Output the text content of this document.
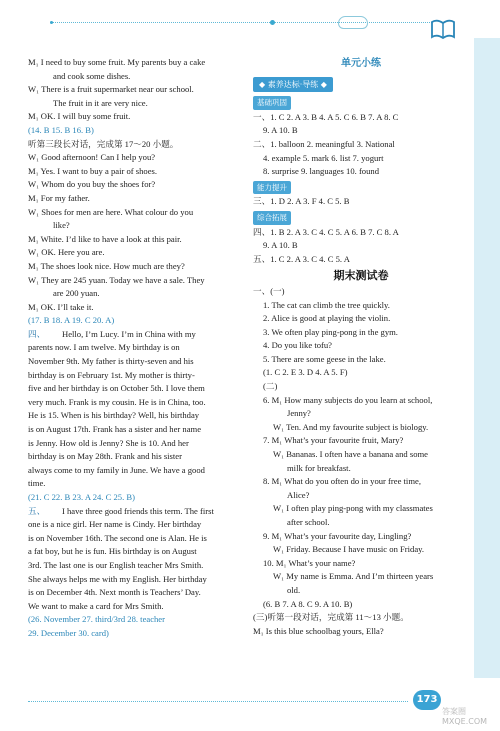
M₁ I need to buy some fruit. My parents buy a cake
and cook some dishes.
W₁ There is a fruit supermarket near our school.
The fruit in it are very nice.
M₁ OK. I will buy some fruit.
(14. B 15. B 16. B)
听第三段长对话，完成第 17～20 小题。
W₁ Good afternoon! Can I help you?
M₁ Yes. I want to buy a pair of shoes.
W₁ Whom do you buy the shoes for?
M₁ For my father.
W₁ Shoes for men are here. What colour do you
like?
M₁ White. I’d like to have a look at this pair.
W₁ OK. Here you are.
M₁ The shoes look nice. How much are they?
W₁ They are 245 yuan. Today we have a sale. They
are 200 yuan.
M₁ OK. I’ll take it.
(17. B 18. A 19. C 20. A)
四、	Hello, I’m Lucy. I’m in China with my
parents now. I am twelve. My birthday is on
November 9th. My father is thirty-seven and his
birthday is on February 1st. My mother is thirty-
five and her birthday is on October 5th. I love them
very much. Frank is my cousin. He is in China, too.
He is 15. When is his birthday? Well, his birthday
is on August 17th. Frank has a sister and her name
is Jenny. How old is Jenny? She is 10. And her
birthday is on May 28th. Frank and his sister
always come to my family in June. We have a good
time.
(21. C 22. B 23. A 24. C 25. B)
五、	I have three good friends this term. The first
one is a nice girl. Her name is Cindy. Her birthday
is on November 16th. The second one is Alan. He is
a fat boy, but he is fun. His birthday is on August
3rd. The last one is our English teacher Mrs Smith.
She always helps me with my English. Her birthday
is on December 4th. Next month is Teachers’ Day.
We want to make a card for Mrs Smith.
(26. November 27. third/3rd 28. teacher
29. December 30. card)
单元小练
◆ 素养达标·导练 ◆
基础巩固
一、1. C 2. A 3. B 4. A 5. C 6. B 7. A 8. C
9. A 10. B
二、1. balloon 2. meaningful 3. National
4. example 5. mark 6. list 7. yogurt
8. surprise 9. languages 10. found
能力提升
三、1. D 2. A 3. F 4. C 5. B
综合拓展
四、1. B 2. A 3. C 4. C 5. A 6. B 7. C 8. A
9. A 10. B
五、1. C 2. A 3. C 4. C 5. A
期末测试卷
一、(一)
1. The cat can climb the tree quickly.
2. Alice is good at playing the violin.
3. We often play ping-pong in the gym.
4. Do you like tofu?
5. There are some geese in the lake.
(1. C 2. E 3. D 4. A 5. F)
(二)
6. M₁ How many subjects do you learn at school,
Jenny?
W₁ Ten. And my favourite subject is biology.
7. M₁ What’s your favourite fruit, Mary?
W₁ Bananas. I often have a banana and some
milk for breakfast.
8. M₁ What do you often do in your free time,
Alice?
W₁ I often play ping-pong with my classmates
after school.
9. M₁ What’s your favourite day, Lingling?
W₁ Friday. Because I have music on Friday.
10. M₁ What’s your name?
W₁ My name is Emma. And I’m thirteen years
old.
(6. B 7. A 8. C 9. A 10. B)
(三)听第一段对话，完成第 11～13 小题。
M₁ Is this blue schoolbag yours, Ella?
173
答案圈 MXQE.COM
